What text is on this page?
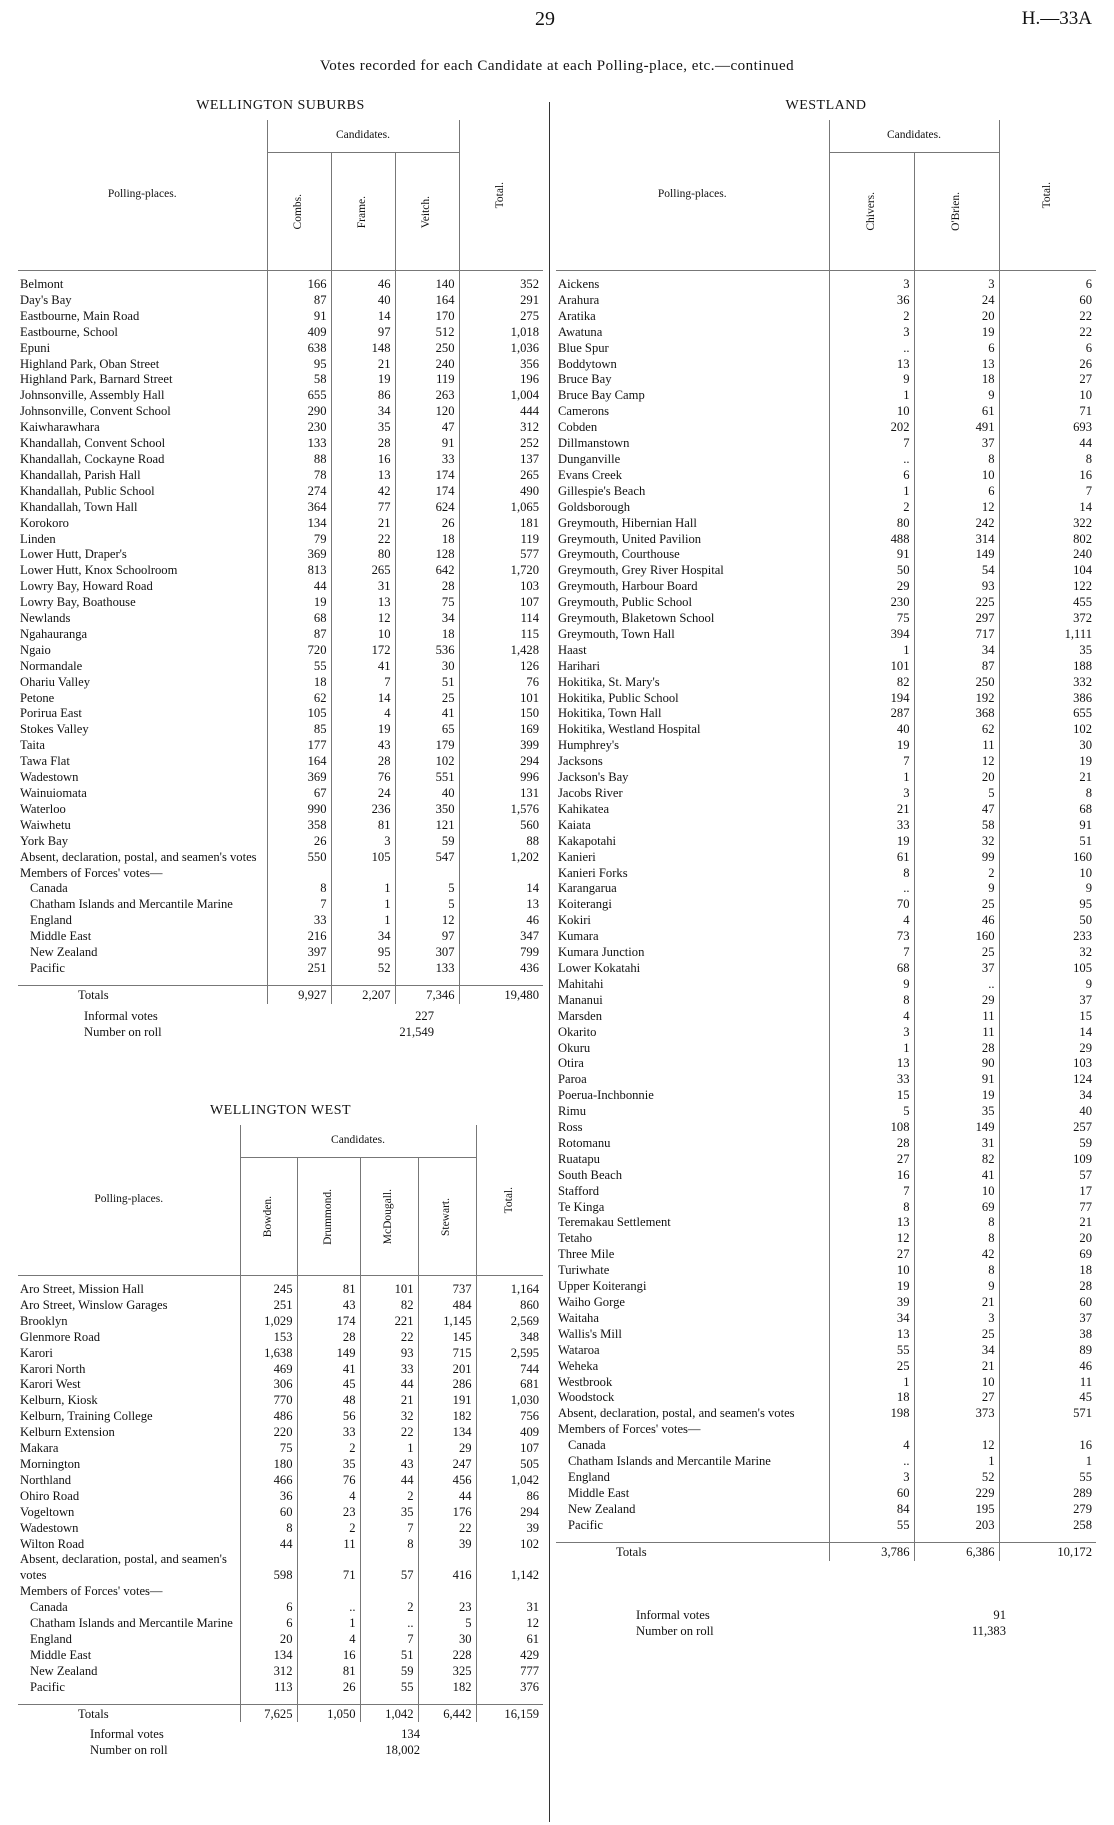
29	H.—33A
Votes recorded for each Candidate at each Polling-place, etc.—continued
WELLINGTON SUBURBS
Polling-places.	Candidates.			Total.

	Combs.	Frame.	Veitch.	

Belmont	166	46	140	352
Day's Bay	87	40	164	291
Eastbourne, Main Road	91	14	170	275
Eastbourne, School	409	97	512	1,018
Epuni	638	148	250	1,036
Highland Park, Oban Street	95	21	240	356
Highland Park, Barnard Street	58	19	119	196
Johnsonville, Assembly Hall	655	86	263	1,004
Johnsonville, Convent School	290	34	120	444
Kaiwharawhara	230	35	47	312
Khandallah, Convent School	133	28	91	252
Khandallah, Cockayne Road	88	16	33	137
Khandallah, Parish Hall	78	13	174	265
Khandallah, Public School	274	42	174	490
Khandallah, Town Hall	364	77	624	1,065
Korokoro	134	21	26	181
Linden	79	22	18	119
Lower Hutt, Draper's	369	80	128	577
Lower Hutt, Knox Schoolroom	813	265	642	1,720
Lowry Bay, Howard Road	44	31	28	103
Lowry Bay, Boathouse	19	13	75	107
Newlands	68	12	34	114
Ngahauranga	87	10	18	115
Ngaio	720	172	536	1,428
Normandale	55	41	30	126
Ohariu Valley	18	7	51	76
Petone	62	14	25	101
Porirua East	105	4	41	150
Stokes Valley	85	19	65	169
Taita	177	43	179	399
Tawa Flat	164	28	102	294
Wadestown	369	76	551	996
Wainuiomata	67	24	40	131
Waterloo	990	236	350	1,576
Waiwhetu	358	81	121	560
York Bay	26	3	59	88
Absent, declaration, postal, and seamen's votes	550	105	547	1,202
Members of Forces' votes—				
Canada	8	1	5	14
Chatham Islands and Mercantile Marine	7	1	5	13
England	33	1	12	46
Middle East	216	34	97	347
New Zealand	397	95	307	799
Pacific	251	52	133	436

Totals	9,927	2,207	7,346	19,480
Informal votes	227
Number on roll	21,549
WELLINGTON WEST
Polling-places.	Candidates.				Total.

	Bowden.	Drummond.	McDougall.	Stewart.	

Aro Street, Mission Hall	245	81	101	737	1,164
Aro Street, Winslow Garages	251	43	82	484	860
Brooklyn	1,029	174	221	1,145	2,569
Glenmore Road	153	28	22	145	348
Karori	1,638	149	93	715	2,595
Karori North	469	41	33	201	744
Karori West	306	45	44	286	681
Kelburn, Kiosk	770	48	21	191	1,030
Kelburn, Training College	486	56	32	182	756
Kelburn Extension	220	33	22	134	409
Makara	75	2	1	29	107
Mornington	180	35	43	247	505
Northland	466	76	44	456	1,042
Ohiro Road	36	4	2	44	86
Vogeltown	60	23	35	176	294
Wadestown	8	2	7	22	39
Wilton Road	44	11	8	39	102
Absent, declaration, postal, and seamen's votes	598	71	57	416	1,142
Members of Forces' votes—					
Canada	6	..	2	23	31
Chatham Islands and Mercantile Marine	6	1	..	5	12
England	20	4	7	30	61
Middle East	134	16	51	228	429
New Zealand	312	81	59	325	777
Pacific	113	26	55	182	376

Totals	7,625	1,050	1,042	6,442	16,159
Informal votes	134
Number on roll	18,002
WESTLAND
Polling-places.	Candidates.		Total.

	Chivers.	O'Brien.	

Aickens	3	3	6
Arahura	36	24	60
Aratika	2	20	22
Awatuna	3	19	22
Blue Spur	..	6	6
Boddytown	13	13	26
Bruce Bay	9	18	27
Bruce Bay Camp	1	9	10
Camerons	10	61	71
Cobden	202	491	693
Dillmanstown	7	37	44
Dunganville	..	8	8
Evans Creek	6	10	16
Gillespie's Beach	1	6	7
Goldsborough	2	12	14
Greymouth, Hibernian Hall	80	242	322
Greymouth, United Pavilion	488	314	802
Greymouth, Courthouse	91	149	240
Greymouth, Grey River Hospital	50	54	104
Greymouth, Harbour Board	29	93	122
Greymouth, Public School	230	225	455
Greymouth, Blaketown School	75	297	372
Greymouth, Town Hall	394	717	1,111
Haast	1	34	35
Harihari	101	87	188
Hokitika, St. Mary's	82	250	332
Hokitika, Public School	194	192	386
Hokitika, Town Hall	287	368	655
Hokitika, Westland Hospital	40	62	102
Humphrey's	19	11	30
Jacksons	7	12	19
Jackson's Bay	1	20	21
Jacobs River	3	5	8
Kahikatea	21	47	68
Kaiata	33	58	91
Kakapotahi	19	32	51
Kanieri	61	99	160
Kanieri Forks	8	2	10
Karangarua	..	9	9
Koiterangi	70	25	95
Kokiri	4	46	50
Kumara	73	160	233
Kumara Junction	7	25	32
Lower Kokatahi	68	37	105
Mahitahi	9	..	9
Mananui	8	29	37
Marsden	4	11	15
Okarito	3	11	14
Okuru	1	28	29
Otira	13	90	103
Paroa	33	91	124
Poerua-Inchbonnie	15	19	34
Rimu	5	35	40
Ross	108	149	257
Rotomanu	28	31	59
Ruatapu	27	82	109
South Beach	16	41	57
Stafford	7	10	17
Te Kinga	8	69	77
Teremakau Settlement	13	8	21
Tetaho	12	8	20
Three Mile	27	42	69
Turiwhate	10	8	18
Upper Koiterangi	19	9	28
Waiho Gorge	39	21	60
Waitaha	34	3	37
Wallis's Mill	13	25	38
Wataroa	55	34	89
Weheka	25	21	46
Westbrook	1	10	11
Woodstock	18	27	45
Absent, declaration, postal, and seamen's votes	198	373	571
Members of Forces' votes—			
Canada	4	12	16
Chatham Islands and Mercantile Marine	..	1	1
England	3	52	55
Middle East	60	229	289
New Zealand	84	195	279
Pacific	55	203	258

Totals	3,786	6,386	10,172
Informal votes	91
Number on roll	11,383
